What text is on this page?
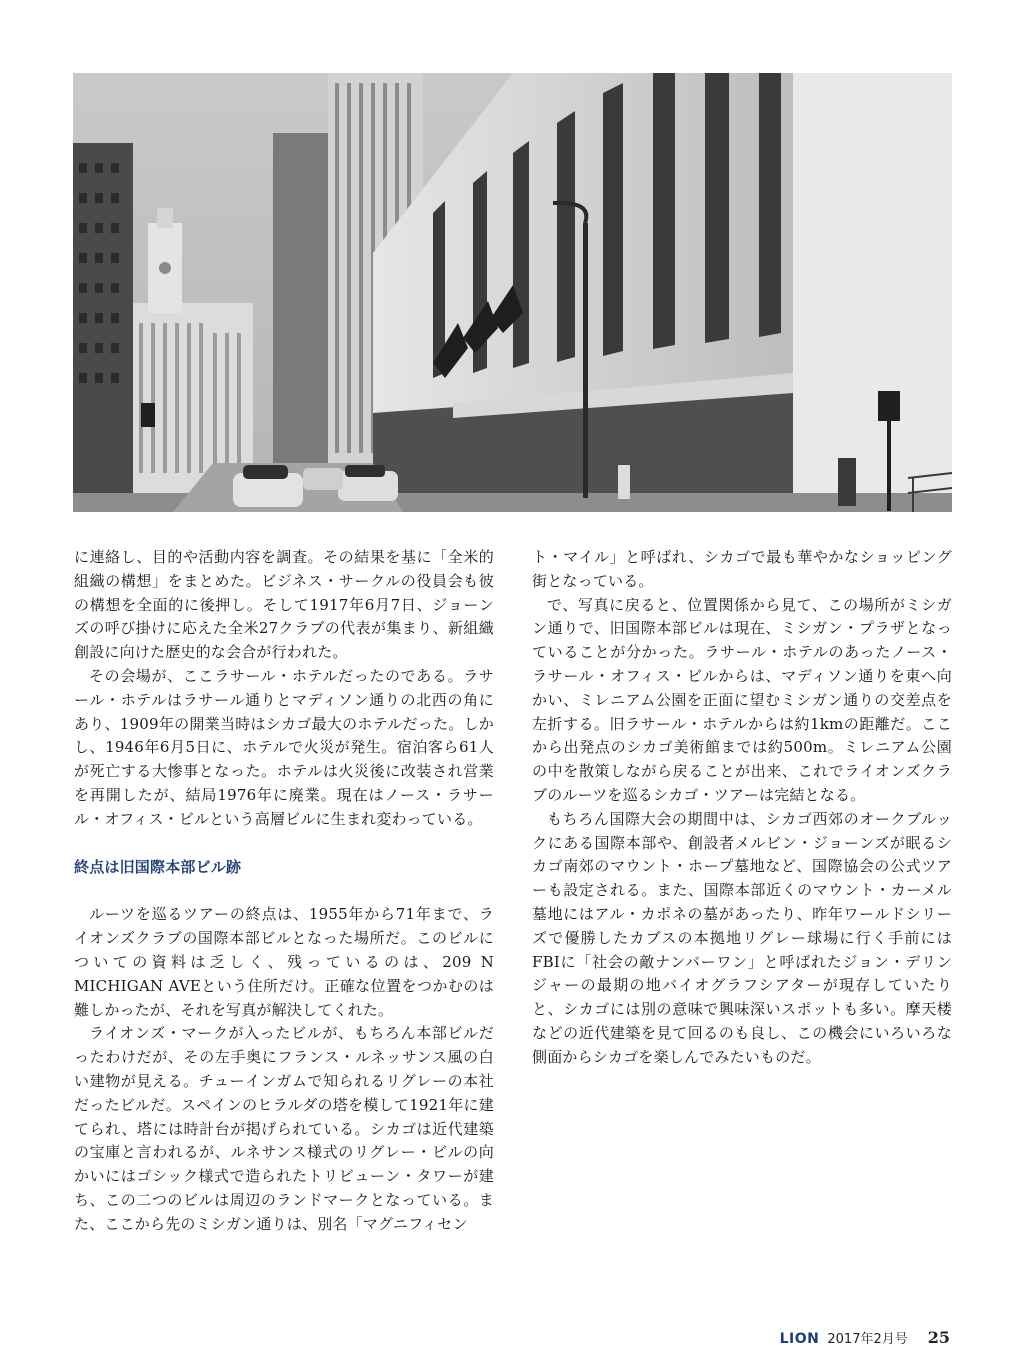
に連絡し、目的や活動内容を調査。その結果を基に「全米的組織の構想」をまとめた。ビジネス・サークルの役員会も彼の構想を全面的に後押し。そして1917年6月7日、ジョーンズの呼び掛けに応えた全米27クラブの代表が集まり、新組織創設に向けた歴史的な会合が行われた。

その会場が、ここラサール・ホテルだったのである。ラサール・ホテルはラサール通りとマディソン通りの北西の角にあり、1909年の開業当時はシカゴ最大のホテルだった。しかし、1946年6月5日に、ホテルで火災が発生。宿泊客ら61人が死亡する大惨事となった。ホテルは火災後に改装され営業を再開したが、結局1976年に廃業。現在はノース・ラサール・オフィス・ビルという高層ビルに生まれ変わっている。

終点は旧国際本部ビル跡

ルーツを巡るツアーの終点は、1955年から71年まで、ライオンズクラブの国際本部ビルとなった場所だ。このビルについての資料は乏しく、残っているのは、209 N MICHIGAN AVEという住所だけ。正確な位置をつかむのは難しかったが、それを写真が解決してくれた。

ライオンズ・マークが入ったビルが、もちろん本部ビルだったわけだが、その左手奥にフランス・ルネッサンス風の白い建物が見える。チューインガムで知られるリグレーの本社だったビルだ。スペインのヒラルダの塔を模して1921年に建てられ、塔には時計台が掲げられている。シカゴは近代建築の宝庫と言われるが、ルネサンス様式のリグレー・ビルの向かいにはゴシック様式で造られたトリビューン・タワーが建ち、この二つのビルは周辺のランドマークとなっている。また、ここから先のミシガン通りは、別名「マグニフィセン

ト・マイル」と呼ばれ、シカゴで最も華やかなショッピング街となっている。

で、写真に戻ると、位置関係から見て、この場所がミシガン通りで、旧国際本部ビルは現在、ミシガン・プラザとなっていることが分かった。ラサール・ホテルのあったノース・ラサール・オフィス・ビルからは、マディソン通りを東へ向かい、ミレニアム公園を正面に望むミシガン通りの交差点を左折する。旧ラサール・ホテルからは約1kmの距離だ。ここから出発点のシカゴ美術館までは約500m。ミレニアム公園の中を散策しながら戻ることが出来、これでライオンズクラブのルーツを巡るシカゴ・ツアーは完結となる。

もちろん国際大会の期間中は、シカゴ西郊のオークブルックにある国際本部や、創設者メルビン・ジョーンズが眠るシカゴ南郊のマウント・ホープ墓地など、国際協会の公式ツアーも設定される。また、国際本部近くのマウント・カーメル墓地にはアル・カポネの墓があったり、昨年ワールドシリーズで優勝したカブスの本拠地リグレー球場に行く手前にはFBIに「社会の敵ナンバーワン」と呼ばれたジョン・デリンジャーの最期の地バイオグラフシアターが現存していたりと、シカゴには別の意味で興味深いスポットも多い。摩天楼などの近代建築を見て回るのも良し、この機会にいろいろな側面からシカゴを楽しんでみたいものだ。

LION 2017年2月号 25
